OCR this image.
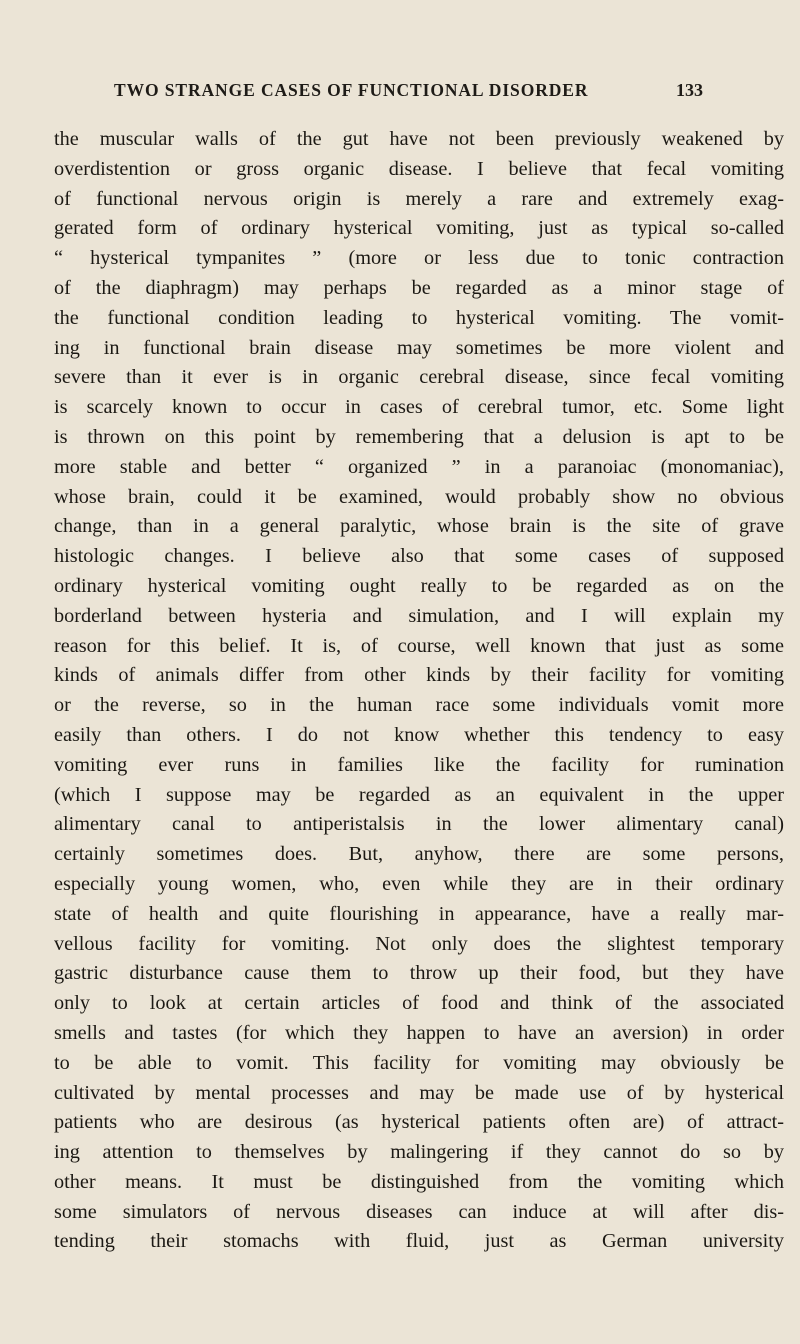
TWO STRANGE CASES OF FUNCTIONAL DISORDER	133
the muscular walls of the gut have not been previously weakened by
overdistention or gross organic disease. I believe that fecal vomiting
of functional nervous origin is merely a rare and extremely exag-
gerated form of ordinary hysterical vomiting, just as typical so-called
“ hysterical tympanites ” (more or less due to tonic contraction
of the diaphragm) may perhaps be regarded as a minor stage of
the functional condition leading to hysterical vomiting. The vomit-
ing in functional brain disease may sometimes be more violent and
severe than it ever is in organic cerebral disease, since fecal vomiting
is scarcely known to occur in cases of cerebral tumor, etc. Some light
is thrown on this point by remembering that a delusion is apt to be
more stable and better “ organized ” in a paranoiac (monomaniac),
whose brain, could it be examined, would probably show no obvious
change, than in a general paralytic, whose brain is the site of grave
histologic changes. I believe also that some cases of supposed
ordinary hysterical vomiting ought really to be regarded as on the
borderland between hysteria and simulation, and I will explain my
reason for this belief. It is, of course, well known that just as some
kinds of animals differ from other kinds by their facility for vomiting
or the reverse, so in the human race some individuals vomit more
easily than others. I do not know whether this tendency to easy
vomiting ever runs in families like the facility for rumination
(which I suppose may be regarded as an equivalent in the upper
alimentary canal to antiperistalsis in the lower alimentary canal)
certainly sometimes does. But, anyhow, there are some persons,
especially young women, who, even while they are in their ordinary
state of health and quite flourishing in appearance, have a really mar-
vellous facility for vomiting. Not only does the slightest temporary
gastric disturbance cause them to throw up their food, but they have
only to look at certain articles of food and think of the associated
smells and tastes (for which they happen to have an aversion) in order
to be able to vomit. This facility for vomiting may obviously be
cultivated by mental processes and may be made use of by hysterical
patients who are desirous (as hysterical patients often are) of attract-
ing attention to themselves by malingering if they cannot do so by
other means. It must be distinguished from the vomiting which
some simulators of nervous diseases can induce at will after dis-
tending their stomachs with fluid, just as German university
